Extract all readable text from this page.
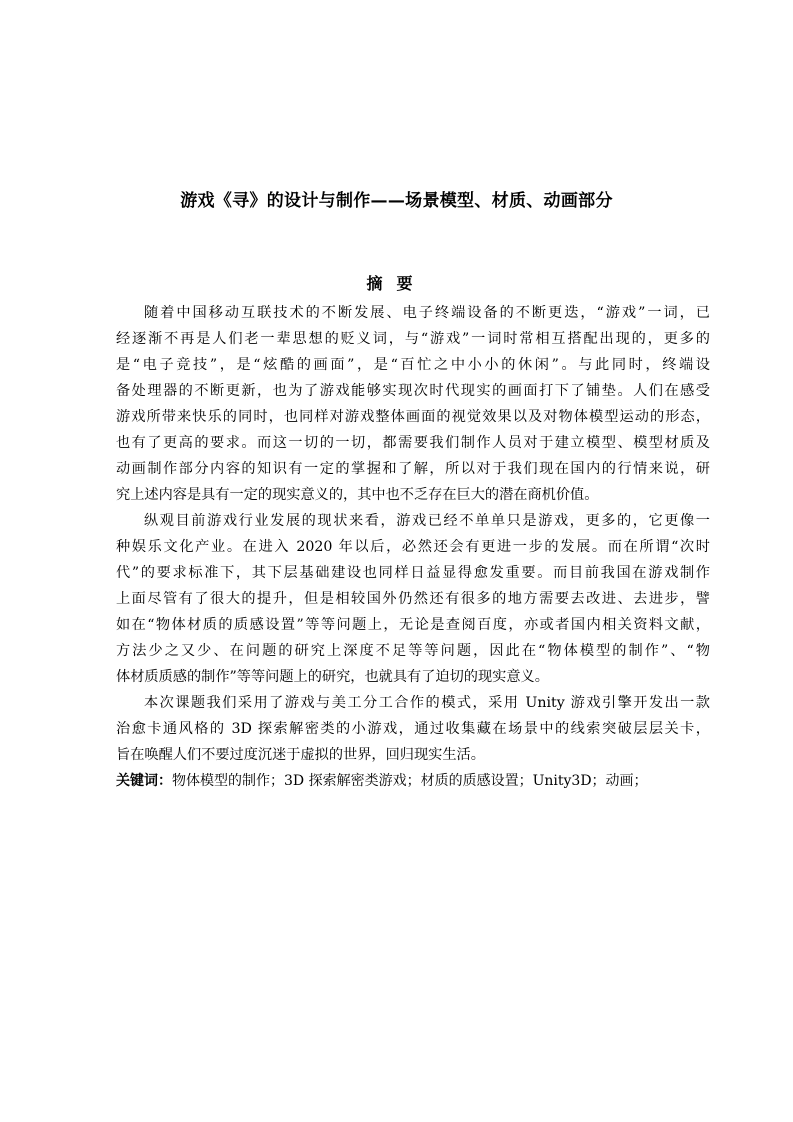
游戏《寻》的设计与制作——场景模型、材质、动画部分
摘要
随着中国移动互联技术的不断发展、电子终端设备的不断更迭，“游戏”一词，已
经逐渐不再是人们老一辈思想的贬义词，与“游戏”一词时常相互搭配出现的，更多的
是“电子竞技”，是“炫酷的画面”，是“百忙之中小小的休闲”。与此同时，终端设
备处理器的不断更新，也为了游戏能够实现次时代现实的画面打下了铺垫。人们在感受
游戏所带来快乐的同时，也同样对游戏整体画面的视觉效果以及对物体模型运动的形态，
也有了更高的要求。而这一切的一切，都需要我们制作人员对于建立模型、模型材质及
动画制作部分内容的知识有一定的掌握和了解，所以对于我们现在国内的行情来说，研
究上述内容是具有一定的现实意义的，其中也不乏存在巨大的潜在商机价值。
纵观目前游戏行业发展的现状来看，游戏已经不单单只是游戏，更多的，它更像一
种娱乐文化产业。在进入 2020 年以后，必然还会有更进一步的发展。而在所谓“次时
代”的要求标准下，其下层基础建设也同样日益显得愈发重要。而目前我国在游戏制作
上面尽管有了很大的提升，但是相较国外仍然还有很多的地方需要去改进、去进步，譬
如在“物体材质的质感设置”等等问题上，无论是查阅百度，亦或者国内相关资料文献，
方法少之又少、在问题的研究上深度不足等等问题，因此在“物体模型的制作”、“物
体材质质感的制作”等等问题上的研究，也就具有了迫切的现实意义。
本次课题我们采用了游戏与美工分工合作的模式，采用 Unity 游戏引擎开发出一款
治愈卡通风格的 3D 探索解密类的小游戏，通过收集藏在场景中的线索突破层层关卡，
旨在唤醒人们不要过度沉迷于虚拟的世界，回归现实生活。
关键词：物体模型的制作；3D 探索解密类游戏；材质的质感设置；Unity3D；动画；
